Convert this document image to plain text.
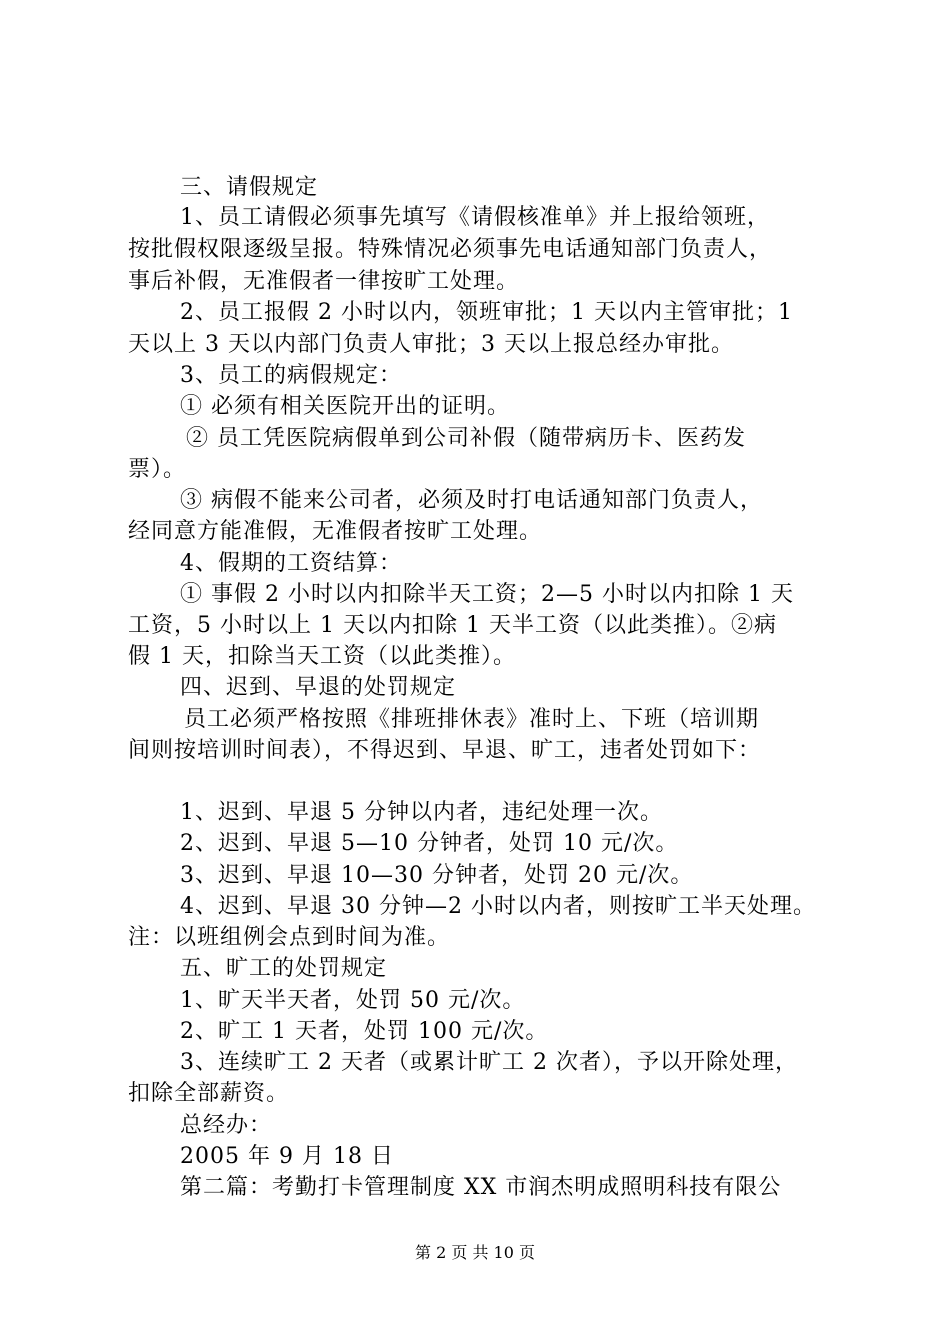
三、请假规定
1、员工请假必须事先填写《请假核准单》并上报给领班，
按批假权限逐级呈报。特殊情况必须事先电话通知部门负责人，
事后补假，无准假者一律按旷工处理。
2、员工报假 2 小时以内，领班审批；1 天以内主管审批；1
天以上 3 天以内部门负责人审批；3 天以上报总经办审批。
3、员工的病假规定：
① 必须有相关医院开出的证明。
② 员工凭医院病假单到公司补假（随带病历卡、医药发
票）。
③ 病假不能来公司者，必须及时打电话通知部门负责人，
经同意方能准假，无准假者按旷工处理。
4、假期的工资结算：
① 事假 2 小时以内扣除半天工资；2—5 小时以内扣除 1 天
工资，5 小时以上 1 天以内扣除 1 天半工资（以此类推）。②病
假 1 天，扣除当天工资（以此类推）。
四、迟到、早退的处罚规定
员工必须严格按照《排班排休表》准时上、下班（培训期
间则按培训时间表），不得迟到、早退、旷工，违者处罚如下：
1、迟到、早退 5 分钟以内者，违纪处理一次。
2、迟到、早退 5—10 分钟者，处罚 10 元/次。
3、迟到、早退 10—30 分钟者，处罚 20 元/次。
4、迟到、早退 30 分钟—2 小时以内者，则按旷工半天处理。
注：以班组例会点到时间为准。
五、旷工的处罚规定
1、旷天半天者，处罚 50 元/次。
2、旷工 1 天者，处罚 100 元/次。
3、连续旷工 2 天者（或累计旷工 2 次者），予以开除处理，
扣除全部薪资。
总经办：
2005 年 9 月 18 日
第二篇：考勤打卡管理制度 XX 市润杰明成照明科技有限公
第 2 页 共 10 页
